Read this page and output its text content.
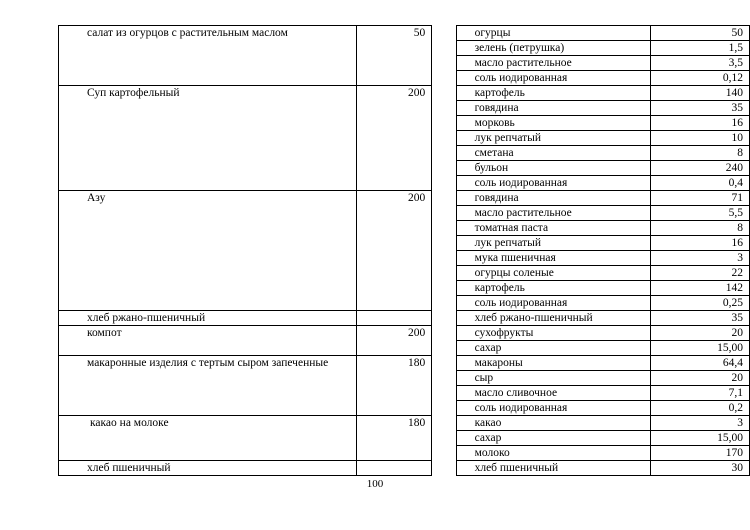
салат из огурцов с растительным маслом	50		огурцы	50
			зелень (петрушка)	1,5
			масло растительное	3,5
			соль иодированная	0,12
Суп картофельный	200		картофель	140
			говядина	35
			морковь	16
			лук репчатый	10
			сметана	8
			бульон	240
			соль иодированная	0,4
Азу	200		говядина	71
			масло растительное	5,5
			томатная паста	8
			лук репчатый	16
			мука пшеничная	3
			огурцы соленые	22
			картофель	142
			соль иодированная	0,25
хлеб ржано-пшеничный			хлеб ржано-пшеничный	35
компот	200		сухофрукты	20
			сахар	15,00
макаронные изделия с тертым сыром запеченные	180		макароны	64,4
			сыр	20
			масло сливочное	7,1
			соль иодированная	0,2
какао на молоке	180		какао	3
			сахар	15,00
			молоко	170
хлеб пшеничный			хлеб пшеничный	30
100
